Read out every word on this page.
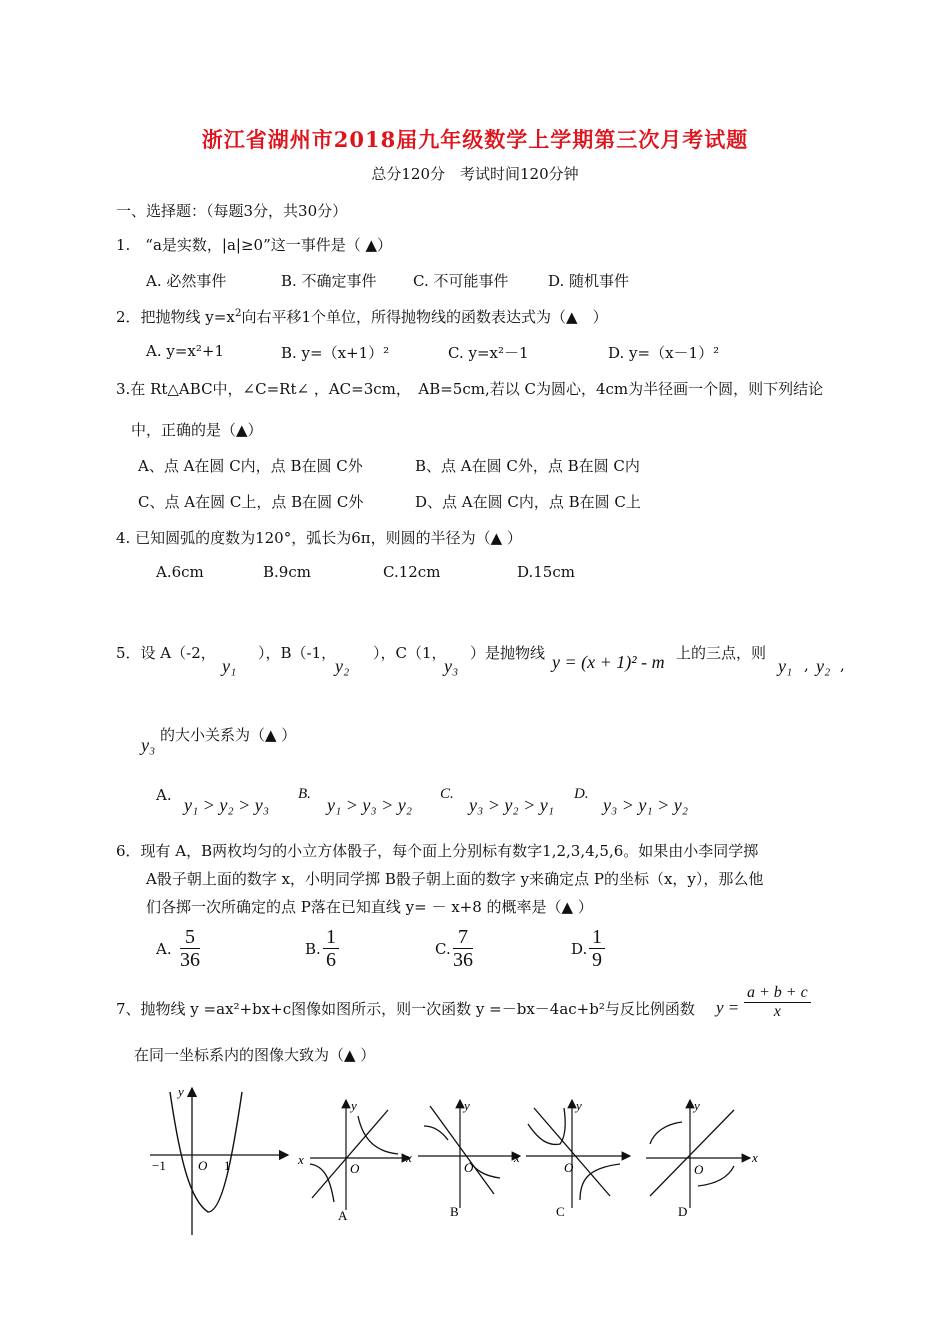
浙江省湖州市2018届九年级数学上学期第三次月考试题
总分120分　考试时间120分钟
一、选择题：（每题3分，共30分）
1.　“a是实数，|a|≥0”这一事件是（ ▲）
A. 必然事件	B. 不确定事件 C. 不可能事件	D. 随机事件
2．把抛物线 $y=x^2$向右平移1个单位，所得抛物线的函数表达式为（▲　）
A. y=x²+1	B. y=（x+1）²	C. y=x²－1	D. y=（x－1）²
3.在 Rt△ABC中，∠C=Rt∠ ，AC=3cm，　AB=5cm,若以 C为圆心，4cm为半径画一个圆，则下列结论
中，正确的是（▲）
A、点 A在圆 C内，点 B在圆 C外	B、点 A在圆 C外，点 B在圆 C内
C、点 A在圆 C上，点 B在圆 C外	D、点 A在圆 C内，点 B在圆 C上
4. 已知圆弧的度数为120°，弧长为6π，则圆的半径为（▲ ）
A.6cm	B.9cm	C.12cm	D.15cm
5．设 A（-2，
y₁
），B（-1，
y₂
），C（1，
y₃
）是抛物线 y = (x + 1)² - m 上的三点，则
y₁ , y₂ ,
y₃ 的大小关系为（▲ ）
A. y₁ > y₂ > y₃
B.
y₁ > y₃ > y₂
C.
y₃ > y₂ > y₁
D.
y₃ > y₁ > y₂
6．现有 A，B两枚均匀的小立方体骰子，每个面上分别标有数字1,2,3,4,5,6。如果由小李同学掷
A骰子朝上面的数字 x，小明同学掷 B骰子朝上面的数字 y来确定点 P的坐标（x，y），那么他
们各掷一次所确定的点 P落在已知直线 y= － x+8 的概率是（▲ ）
A. $\frac{5}{36}$	B. $\frac{1}{6}$	C. $\frac{7}{36}$	D. $\frac{1}{9}$
7、抛物线 y =ax²+bx+c图像如图所示，则一次函数 y =－bx－4ac+b²与反比例函数 $y = \frac{a + b + c}{x}$
在同一坐标系内的图像大致为（▲ ）
y
O
−1	1	x
y
O
A
x
y
O
B
x
y
O
C
x
y
O
D
